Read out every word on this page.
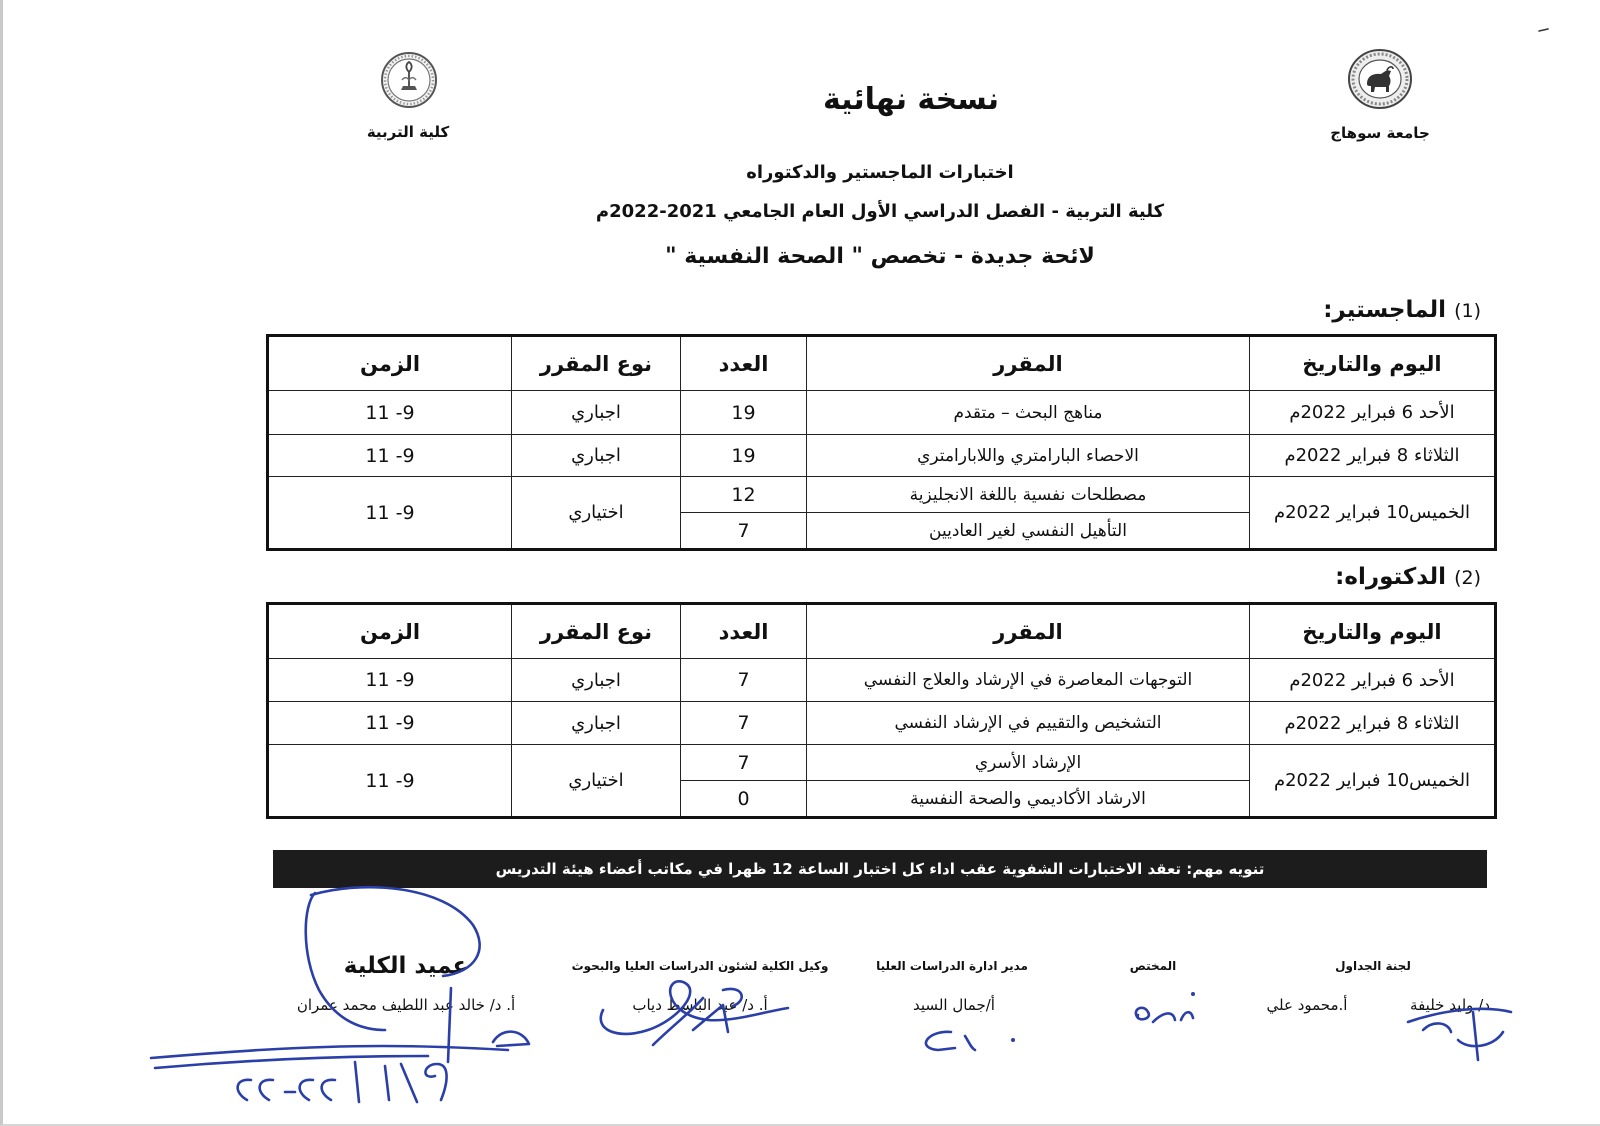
كلية التربية	جامعة سوهاج
نسخة نهائية
اختبارات الماجستير والدكتوراه
كلية التربية - الفصل الدراسي الأول العام الجامعي 2021-2022م
لائحة جديدة - تخصص " الصحة النفسية "
(1)الماجستير:
اليوم والتاريخ	المقرر	العدد	نوع المقرر	الزمن
الأحد 6 فبراير 2022م	مناهج البحث – متقدم	19	اجباري	9- 11
الثلاثاء 8 فبراير 2022م	الاحصاء البارامتري واللابارامتري	19	اجباري	9- 11
الخميس10 فبراير 2022م	مصطلحات نفسية باللغة الانجليزية	12	اختياري	9- 11
	التأهيل النفسي لغير العاديين	7		
(2)الدكتوراه:
اليوم والتاريخ	المقرر	العدد	نوع المقرر	الزمن
الأحد 6 فبراير 2022م	التوجهات المعاصرة في الإرشاد والعلاج النفسي	7	اجباري	9- 11
الثلاثاء 8 فبراير 2022م	التشخيص والتقييم في الإرشاد النفسي	7	اجباري	9- 11
الخميس10 فبراير 2022م	الإرشاد الأسري	7	اختياري	9- 11
	الارشاد الأكاديمي والصحة النفسية	0		
تنويه مهم: تعقد الاختبارات الشفوية عقب اداء كل اختبار الساعة 12 ظهرا في مكاتب أعضاء هيئة التدريس
لجنة الجداول
المختص
مدير ادارة الدراسات العليا
وكيل الكلية لشئون الدراسات العليا والبحوث
عميد الكلية
د/ وليد خليفة
أ.محمود علي
أ/جمال السيد
أ. د/ عبد الباسط دياب
أ. د/ خالد عبد اللطيف محمد عمران
